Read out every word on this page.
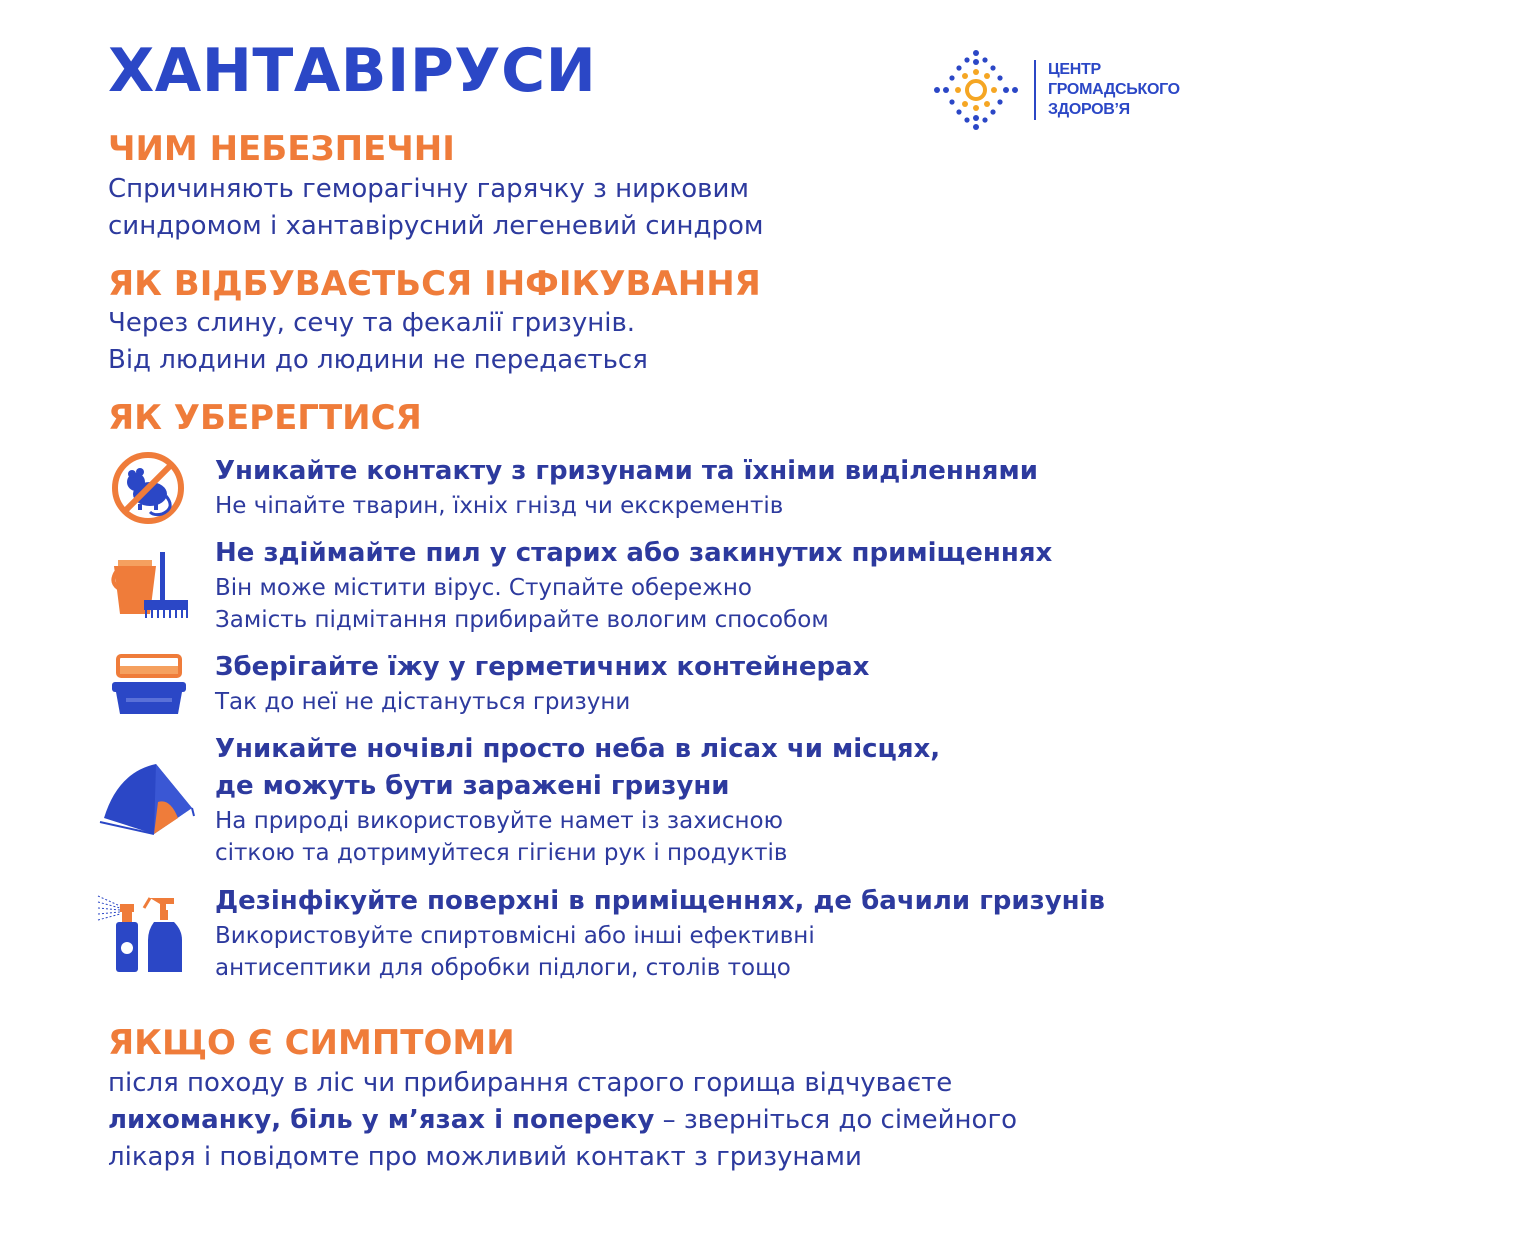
ХАНТАВІРУСИ	ЦЕНТР
ГРОМАДСЬКОГО
ЗДОРОВ’Я
ЧИМ НЕБЕЗПЕЧНІ
Спричиняють геморагічну гарячку з нирковим
синдромом і хантавірусний легеневий синдром
ЯК ВІДБУВАЄТЬСЯ ІНФІКУВАННЯ
Через слину, сечу та фекалії гризунів.
Від людини до людини не передається
ЯК УБЕРЕГТИСЯ
Уникайте контакту з гризунами та їхніми виділеннями
Не чіпайте тварин, їхніх гнізд чи екскрементів
Не здіймайте пил у старих або закинутих приміщеннях
Він може містити вірус. Ступайте обережно
Замість підмітання прибирайте вологим способом
Зберігайте їжу у герметичних контейнерах
Так до неї не дістануться гризуни
Уникайте ночівлі просто неба в лісах чи місцях,
де можуть бути заражені гризуни
На природі використовуйте намет із захисною
сіткою та дотримуйтеся гігієни рук і продуктів
Дезінфікуйте поверхні в приміщеннях, де бачили гризунів
Використовуйте спиртовмісні або інші ефективні
антисептики для обробки підлоги, столів тощо
ЯКЩО Є СИМПТОМИ
після походу в ліс чи прибирання старого горища відчуваєте
лихоманку, біль у м’язах і попереку – зверніться до сімейного
лікаря і повідомте про можливий контакт з гризунами
